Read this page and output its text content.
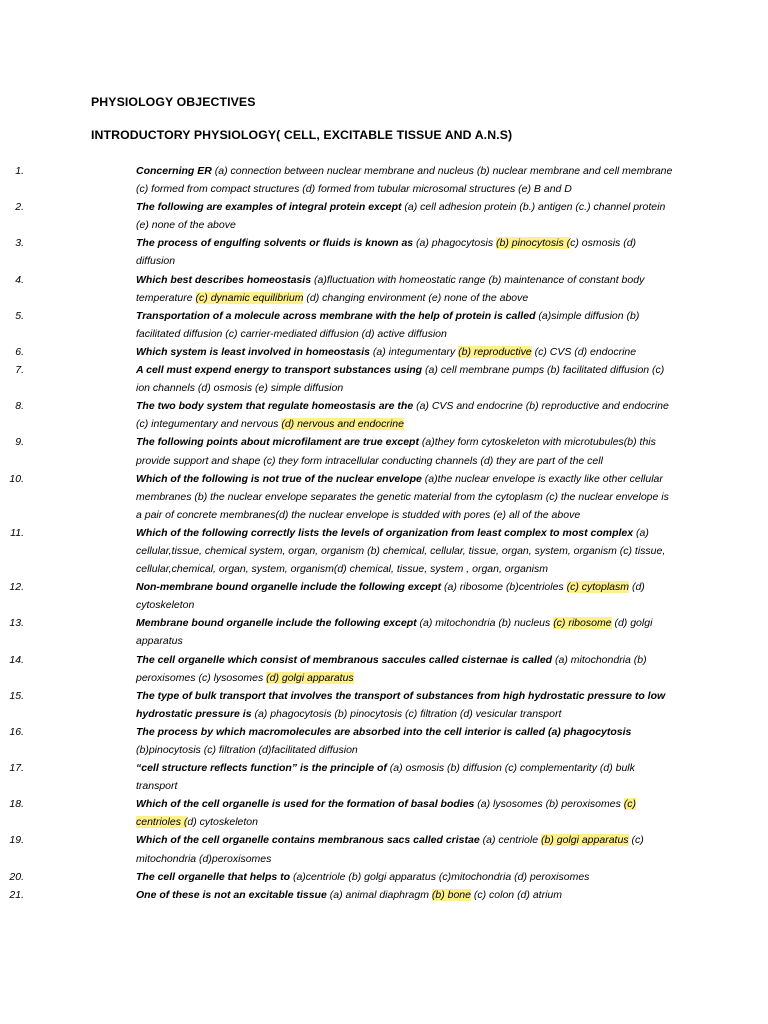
PHYSIOLOGY OBJECTIVES
INTRODUCTORY PHYSIOLOGY( CELL, EXCITABLE TISSUE AND A.N.S)
1.	Concerning ER (a) connection between nuclear membrane and nucleus (b) nuclear membrane and cell membrane (c) formed from compact structures (d) formed from tubular microsomal structures (e) B and D
2.	The following are examples of integral protein except (a) cell adhesion protein (b.) antigen (c.) channel protein (e) none of the above
3.	The process of engulfing solvents or fluids is known as (a) phagocytosis (b) pinocytosis (c) osmosis (d) diffusion
4.	Which best describes homeostasis (a)fluctuation with homeostatic range (b) maintenance of constant body temperature (c) dynamic equilibrium (d) changing environment (e) none of the above
5.	Transportation of a molecule across membrane with the help of protein is called (a)simple diffusion (b) facilitated diffusion (c) carrier-mediated diffusion (d) active diffusion
6.	Which system is least involved in homeostasis (a) integumentary (b) reproductive (c) CVS (d) endocrine
7.	A cell must expend energy to transport substances using (a) cell membrane pumps (b) facilitated diffusion (c) ion channels (d) osmosis (e) simple diffusion
8.	The two body system that regulate homeostasis are the (a) CVS and endocrine (b) reproductive and endocrine (c) integumentary and nervous (d) nervous and endocrine
9.	The following points about microfilament are true except (a)they form cytoskeleton with microtubules(b) this provide support and shape (c) they form intracellular conducting channels (d) they are part of the cell
10.	Which of the following is not true of the nuclear envelope (a)the nuclear envelope is exactly like other cellular membranes (b) the nuclear envelope separates the genetic material from the cytoplasm (c) the nuclear envelope is a pair of concrete membranes(d) the nuclear envelope is studded with pores (e) all of the above
11.	Which of the following correctly lists the levels of organization from least complex to most complex (a) cellular,tissue, chemical system, organ, organism (b) chemical, cellular, tissue, organ, system, organism (c) tissue, cellular,chemical, organ, system, organism(d) chemical, tissue, system , organ, organism
12.	Non-membrane bound organelle include the following except (a) ribosome (b)centrioles (c) cytoplasm (d) cytoskeleton
13.	Membrane bound organelle include the following except (a) mitochondria (b) nucleus (c) ribosome (d) golgi apparatus
14.	The cell organelle which consist of membranous saccules called cisternae is called (a) mitochondria (b) peroxisomes (c) lysosomes (d) golgi apparatus
15.	The type of bulk transport that involves the transport of substances from high hydrostatic pressure to low hydrostatic pressure is (a) phagocytosis (b) pinocytosis (c) filtration (d) vesicular transport
16.	The process by which macromolecules are absorbed into the cell interior is called (a) phagocytosis (b)pinocytosis (c) filtration (d)facilitated diffusion
17.	“cell structure reflects function” is the principle of (a) osmosis (b) diffusion (c) complementarity (d) bulk transport
18.	Which of the cell organelle is used for the formation of basal bodies (a) lysosomes (b) peroxisomes (c) centrioles (d) cytoskeleton
19.	Which of the cell organelle contains membranous sacs called cristae (a) centriole (b) golgi apparatus (c) mitochondria (d)peroxisomes
20.	The cell organelle that helps to (a)centriole (b) golgi apparatus (c)mitochondria (d) peroxisomes
21.	One of these is not an excitable tissue (a) animal diaphragm (b) bone (c) colon (d) atrium
